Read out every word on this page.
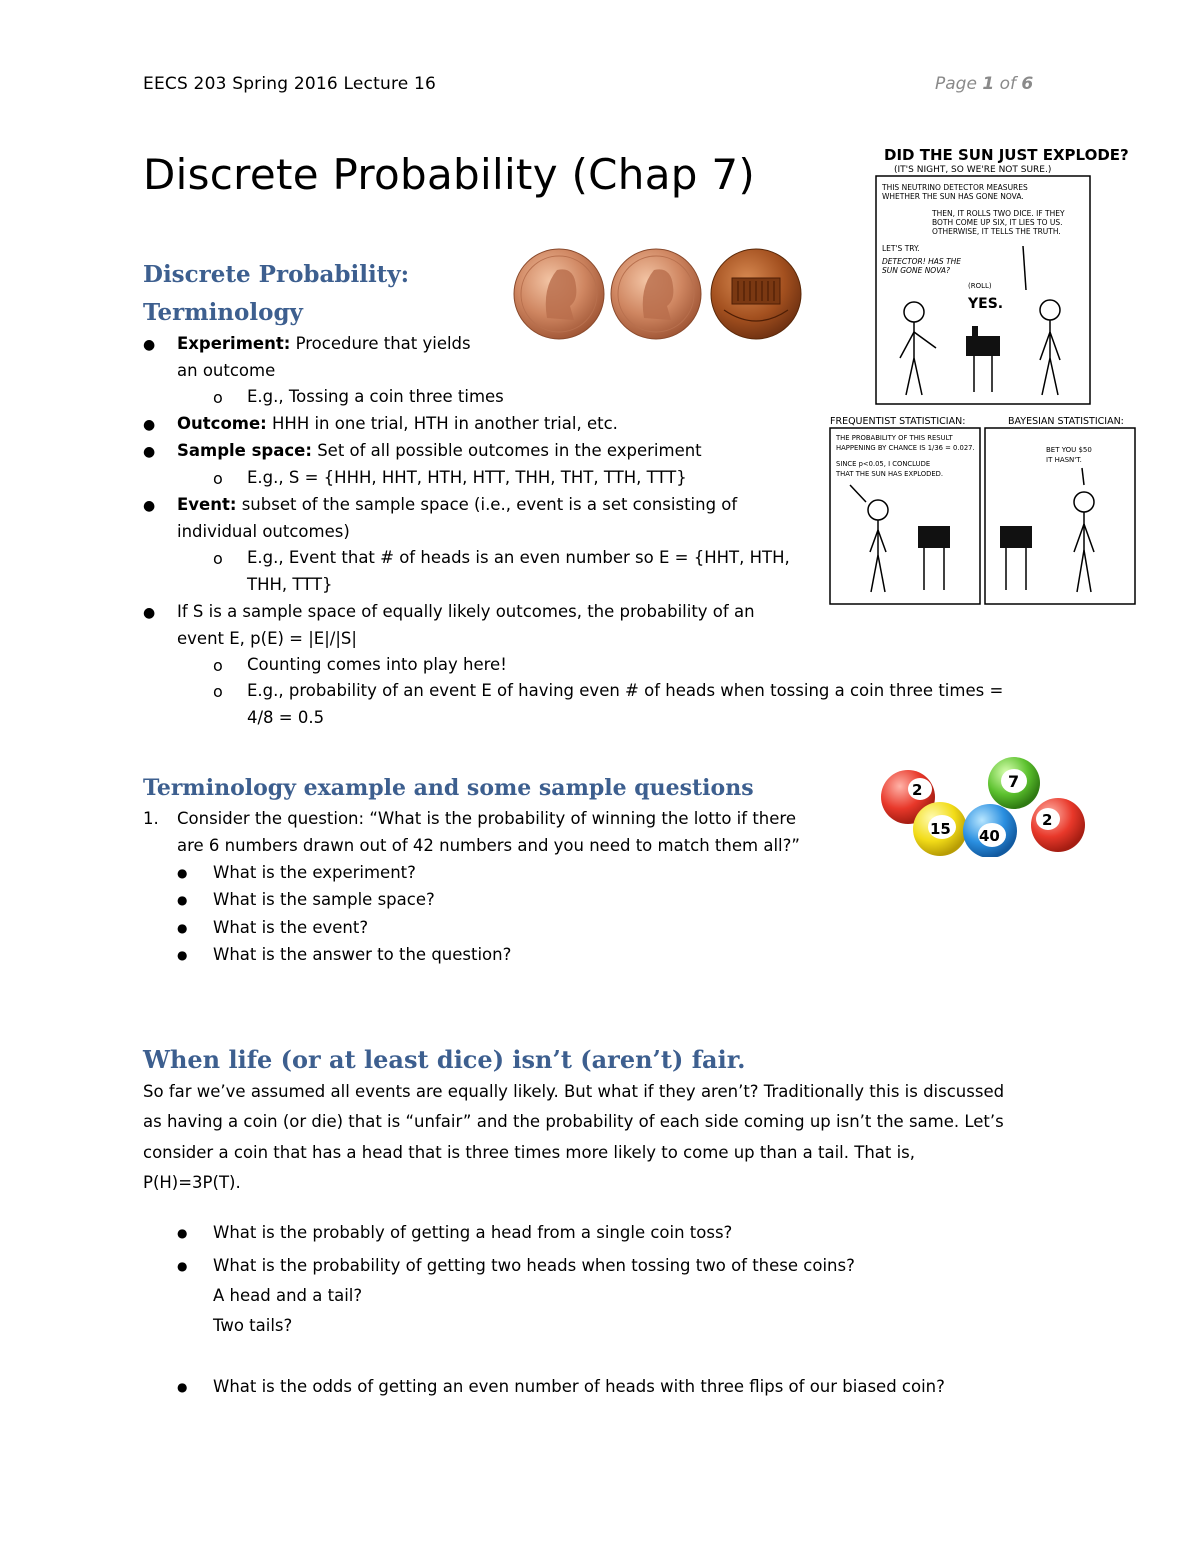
EECS 203 Spring 2016 Lecture 16	Page 1 of 6
Discrete Probability (Chap 7)
Discrete Probability:
Terminology
● Experiment: Procedure that yields
an outcome
o E.g., Tossing a coin three times
● Outcome: HHH in one trial, HTH in another trial, etc.
● Sample space: Set of all possible outcomes in the experiment
o E.g., S = {HHH, HHT, HTH, HTT, THH, THT, TTH, TTT}
● Event: subset of the sample space (i.e., event is a set consisting of
individual outcomes)
o E.g., Event that # of heads is an even number so E = {HHT, HTH,
THH, TTT}
● If S is a sample space of equally likely outcomes, the probability of an
event E, p(E) = |E|/|S|
o Counting comes into play here!
o E.g., probability of an event E of having even # of heads when tossing a coin three times =
4/8 = 0.5
DID THE SUN JUST EXPLODE?
(IT'S NIGHT, SO WE'RE NOT SURE.)
THIS NEUTRINO DETECTOR MEASURES
WHETHER THE SUN HAS GONE NOVA.
THEN, IT ROLLS TWO DICE. IF THEY
BOTH COME UP SIX, IT LIES TO US.
OTHERWISE, IT TELLS THE TRUTH.
LET'S TRY.
DETECTOR! HAS THE
SUN GONE NOVA?
(ROLL)
YES.
FREQUENTIST STATISTICIAN:	BAYESIAN STATISTICIAN:
THE PROBABILITY OF THIS RESULT
HAPPENING BY CHANCE IS 1/36 = 0.027.
SINCE p<0.05, I CONCLUDE
THAT THE SUN HAS EXPLODED.
BET YOU $50
IT HASN'T.
Terminology example and some sample questions	2	7
15 40
2
1. Consider the question: “What is the probability of winning the lotto if there
are 6 numbers drawn out of 42 numbers and you need to match them all?”
● What is the experiment?
● What is the sample space?
● What is the event?
● What is the answer to the question?
When life (or at least dice) isn’t (aren’t) fair.
So far we’ve assumed all events are equally likely. But what if they aren’t? Traditionally this is discussed
as having a coin (or die) that is “unfair” and the probability of each side coming up isn’t the same. Let’s
consider a coin that has a head that is three times more likely to come up than a tail. That is,
P(H)=3P(T).
● What is the probably of getting a head from a single coin toss?
● What is the probability of getting two heads when tossing two of these coins?
A head and a tail?
Two tails?
● What is the odds of getting an even number of heads with three flips of our biased coin?
